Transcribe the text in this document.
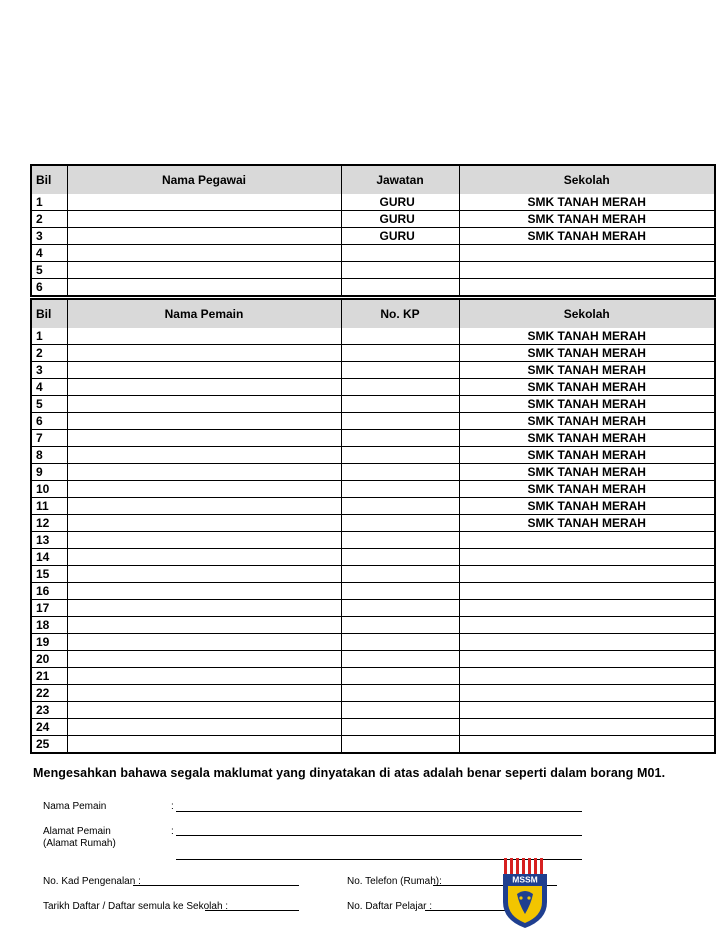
Bil	Nama Pegawai	Jawatan	Sekolah
1		GURU	SMK TANAH MERAH
2		GURU	SMK TANAH MERAH
3		GURU	SMK TANAH MERAH
4			
5			
6			
Bil	Nama Pemain	No. KP	Sekolah
1			SMK TANAH MERAH
2			SMK TANAH MERAH
3			SMK TANAH MERAH
4			SMK TANAH MERAH
5			SMK TANAH MERAH
6			SMK TANAH MERAH
7			SMK TANAH MERAH
8			SMK TANAH MERAH
9			SMK TANAH MERAH
10			SMK TANAH MERAH
11			SMK TANAH MERAH
12			SMK TANAH MERAH
13			
14			
15			
16			
17			
18			
19			
20			
21			
22			
23			
24			
25			
Mengesahkan bahawa segala maklumat yang dinyatakan di atas adalah benar seperti dalam borang M01.
Nama Pemain	:
Alamat Pemain
(Alamat Rumah)
:
No. Kad Pengenalan :	No. Telefon (Rumah):
Tarikh Daftar / Daftar semula ke Sekolah :	No. Daftar Pelajar :
MSSM
